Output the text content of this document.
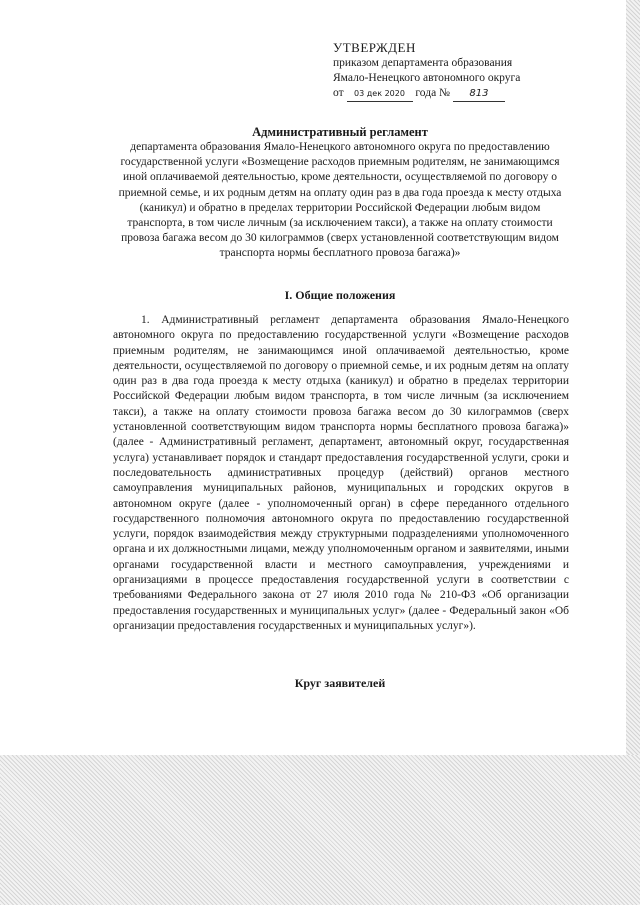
УТВЕРЖДЕН
приказом департамента образования
Ямало-Ненецкого автономного округа
от 03 дек 2020 года № 813
Административный регламент
департамента образования Ямало-Ненецкого автономного округа по предоставлению государственной услуги «Возмещение расходов приемным родителям, не занимающимся иной оплачиваемой деятельностью, кроме деятельности, осуществляемой по договору о приемной семье, и их родным детям на оплату один раз в два года проезда к месту отдыха (каникул) и обратно в пределах территории Российской Федерации любым видом транспорта, в том числе личным (за исключением такси), а также на оплату стоимости провоза багажа весом до 30 килограммов (сверх установленной соответствующим видом транспорта нормы бесплатного провоза багажа)»
I. Общие положения
1. Административный регламент департамента образования Ямало-Ненецкого автономного округа по предоставлению государственной услуги «Возмещение расходов приемным родителям, не занимающимся иной оплачиваемой деятельностью, кроме деятельности, осуществляемой по договору о приемной семье, и их родным детям на оплату один раз в два года проезда к месту отдыха (каникул) и обратно в пределах территории Российской Федерации любым видом транспорта, в том числе личным (за исключением такси), а также на оплату стоимости провоза багажа весом до 30 килограммов (сверх установленной соответствующим видом транспорта нормы бесплатного провоза багажа)» (далее - Административный регламент, департамент, автономный округ, государственная услуга) устанавливает порядок и стандарт предоставления государственной услуги, сроки и последовательность административных процедур (действий) органов местного самоуправления муниципальных районов, муниципальных и городских округов в автономном округе (далее - уполномоченный орган) в сфере переданного отдельного государственного полномочия автономного округа по предоставлению государственной услуги, порядок взаимодействия между структурными подразделениями уполномоченного органа и их должностными лицами, между уполномоченным органом и заявителями, иными органами государственной власти и местного самоуправления, учреждениями и организациями в процессе предоставления государственной услуги в соответствии с требованиями Федерального закона от 27 июля 2010 года № 210-ФЗ «Об организации предоставления государственных и муниципальных услуг» (далее - Федеральный закон «Об организации предоставления государственных и муниципальных услуг»).
Круг заявителей
